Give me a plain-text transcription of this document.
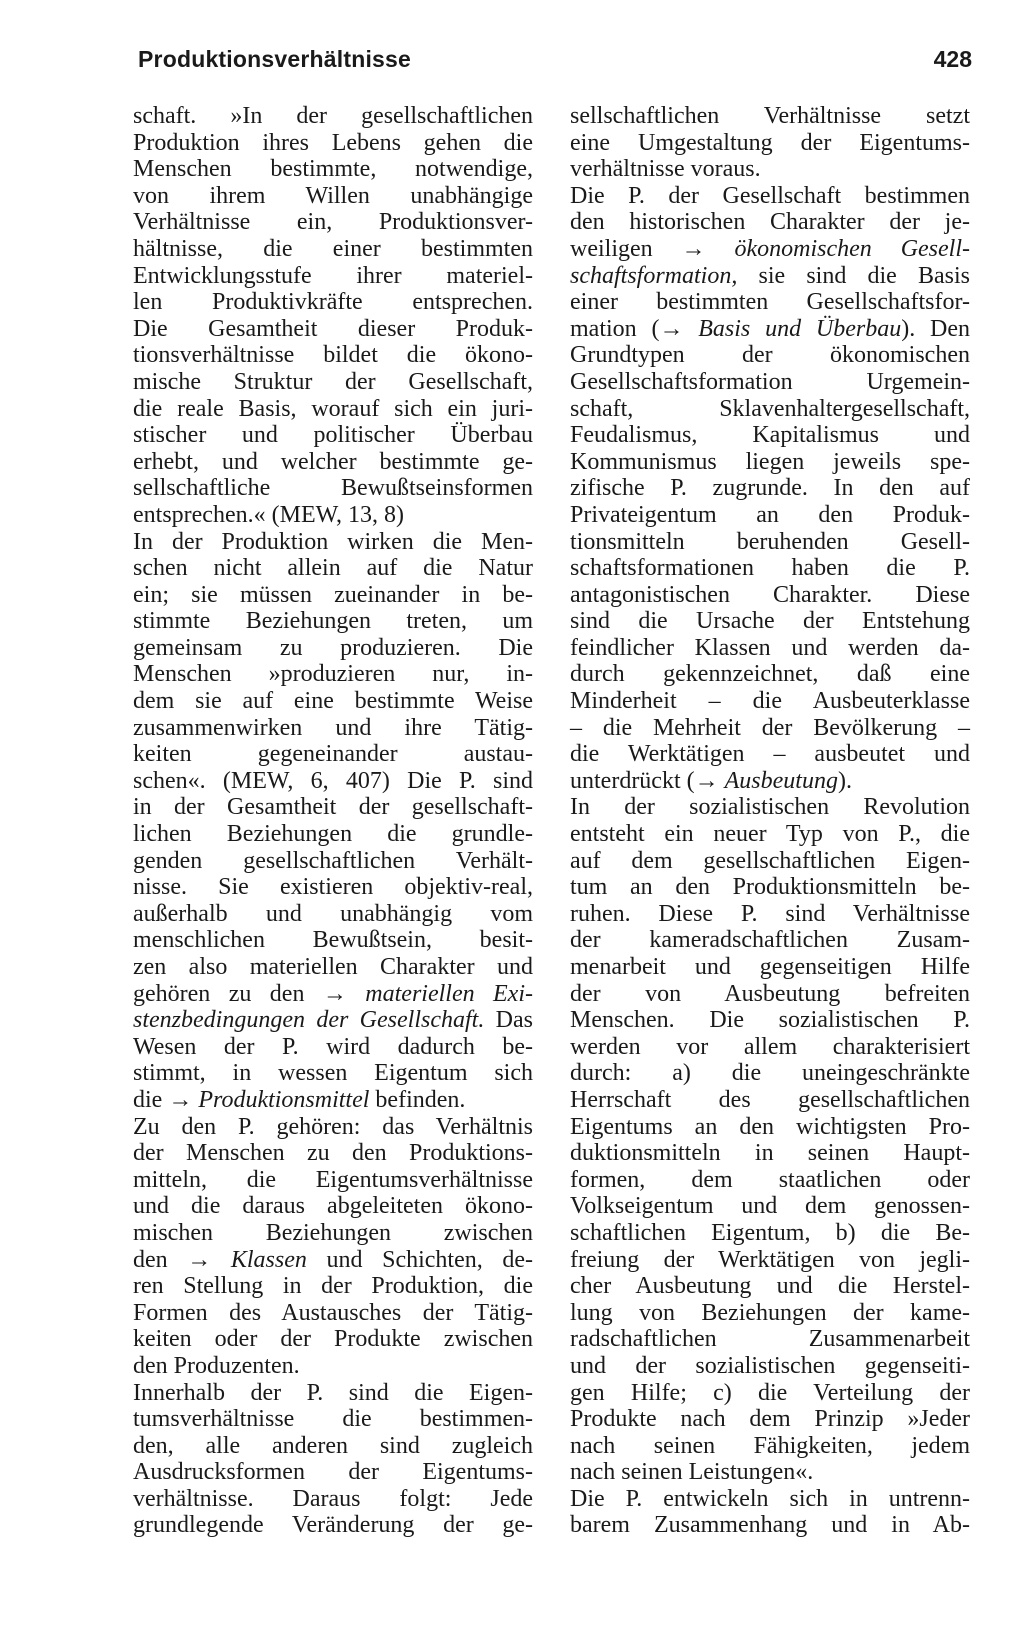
Produktionsverhältnisse	428
schaft. »In der gesellschaftlichen
Produktion ihres Lebens gehen die
Menschen bestimmte, notwendige,
von ihrem Willen unabhängige
Verhältnisse ein, Produktionsver-
hältnisse, die einer bestimmten
Entwicklungsstufe ihrer materiel-
len Produktivkräfte entsprechen.
Die Gesamtheit dieser Produk-
tionsverhältnisse bildet die ökono-
mische Struktur der Gesellschaft,
die reale Basis, worauf sich ein juri-
stischer und politischer Überbau
erhebt, und welcher bestimmte ge-
sellschaftliche Bewußtseinsformen
entsprechen.« (MEW, 13, 8)
In der Produktion wirken die Men-
schen nicht allein auf die Natur
ein; sie müssen zueinander in be-
stimmte Beziehungen treten, um
gemeinsam zu produzieren. Die
Menschen »produzieren nur, in-
dem sie auf eine bestimmte Weise
zusammenwirken und ihre Tätig-
keiten gegeneinander austau-
schen«. (MEW, 6, 407) Die P. sind
in der Gesamtheit der gesellschaft-
lichen Beziehungen die grundle-
genden gesellschaftlichen Verhält-
nisse. Sie existieren objektiv-real,
außerhalb und unabhängig vom
menschlichen Bewußtsein, besit-
zen also materiellen Charakter und
gehören zu den → materiellen Exi-
stenzbedingungen der Gesellschaft. Das
Wesen der P. wird dadurch be-
stimmt, in wessen Eigentum sich
die → Produktionsmittel befinden.
Zu den P. gehören: das Verhältnis
der Menschen zu den Produktions-
mitteln, die Eigentumsverhältnisse
und die daraus abgeleiteten ökono-
mischen Beziehungen zwischen
den → Klassen und Schichten, de-
ren Stellung in der Produktion, die
Formen des Austausches der Tätig-
keiten oder der Produkte zwischen
den Produzenten.
Innerhalb der P. sind die Eigen-
tumsverhältnisse die bestimmen-
den, alle anderen sind zugleich
Ausdrucksformen der Eigentums-
verhältnisse. Daraus folgt: Jede
grundlegende Veränderung der ge-
sellschaftlichen Verhältnisse setzt
eine Umgestaltung der Eigentums-
verhältnisse voraus.
Die P. der Gesellschaft bestimmen
den historischen Charakter der je-
weiligen → ökonomischen Gesell-
schaftsformation, sie sind die Basis
einer bestimmten Gesellschaftsfor-
mation (→ Basis und Überbau). Den
Grundtypen der ökonomischen
Gesellschaftsformation Urgemein-
schaft, Sklavenhaltergesellschaft,
Feudalismus, Kapitalismus und
Kommunismus liegen jeweils spe-
zifische P. zugrunde. In den auf
Privateigentum an den Produk-
tionsmitteln beruhenden Gesell-
schaftsformationen haben die P.
antagonistischen Charakter. Diese
sind die Ursache der Entstehung
feindlicher Klassen und werden da-
durch gekennzeichnet, daß eine
Minderheit – die Ausbeuterklasse
– die Mehrheit der Bevölkerung –
die Werktätigen – ausbeutet und
unterdrückt (→ Ausbeutung).
In der sozialistischen Revolution
entsteht ein neuer Typ von P., die
auf dem gesellschaftlichen Eigen-
tum an den Produktionsmitteln be-
ruhen. Diese P. sind Verhältnisse
der kameradschaftlichen Zusam-
menarbeit und gegenseitigen Hilfe
der von Ausbeutung befreiten
Menschen. Die sozialistischen P.
werden vor allem charakterisiert
durch: a) die uneingeschränkte
Herrschaft des gesellschaftlichen
Eigentums an den wichtigsten Pro-
duktionsmitteln in seinen Haupt-
formen, dem staatlichen oder
Volkseigentum und dem genossen-
schaftlichen Eigentum, b) die Be-
freiung der Werktätigen von jegli-
cher Ausbeutung und die Herstel-
lung von Beziehungen der kame-
radschaftlichen Zusammenarbeit
und der sozialistischen gegenseiti-
gen Hilfe; c) die Verteilung der
Produkte nach dem Prinzip »Jeder
nach seinen Fähigkeiten, jedem
nach seinen Leistungen«.
Die P. entwickeln sich in untrenn-
barem Zusammenhang und in Ab-
